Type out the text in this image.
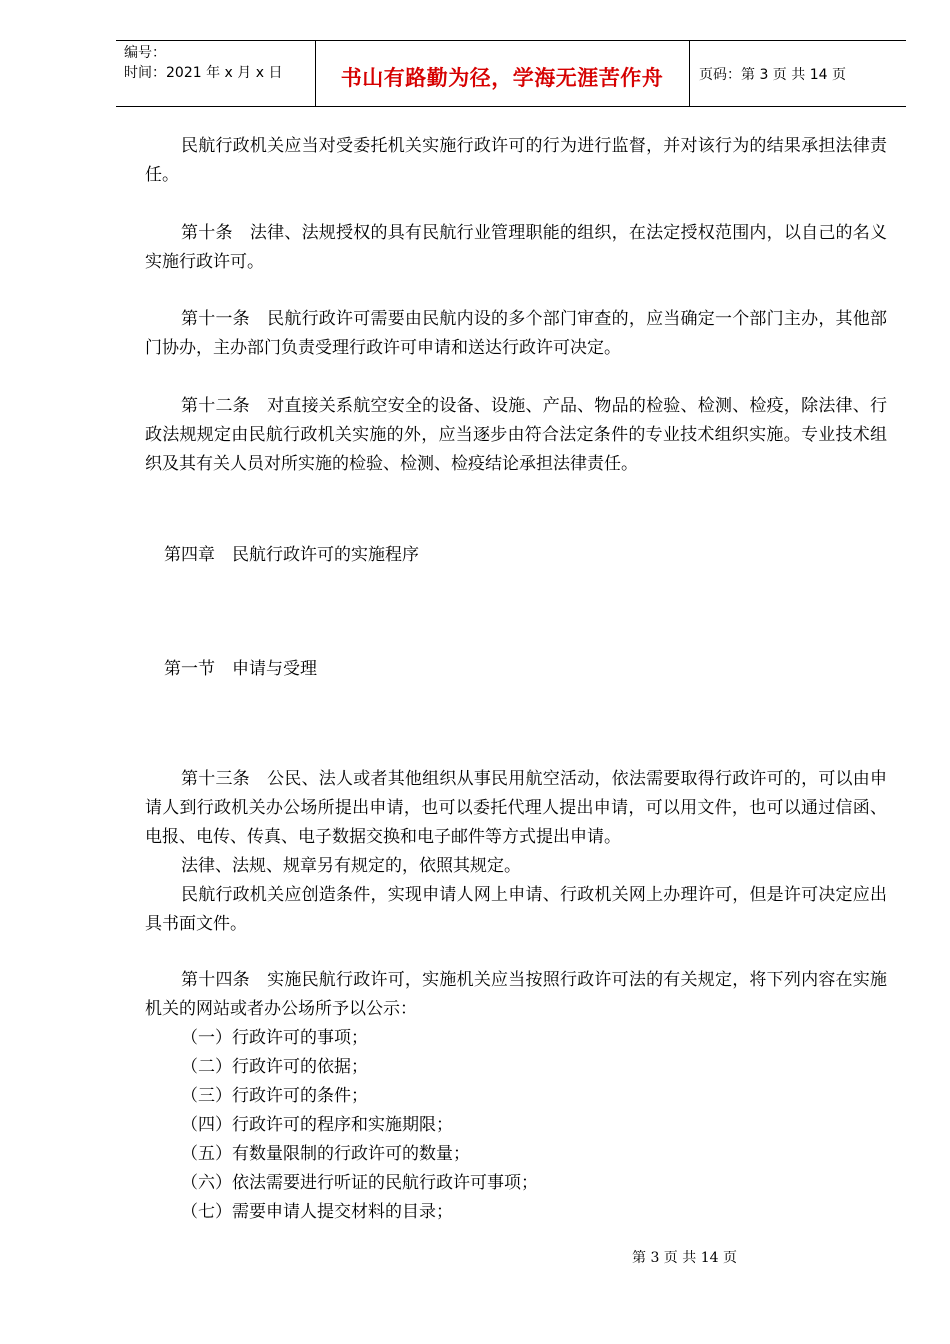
编号：
时间：2021 年 x 月 x 日	书山有路勤为径，学海无涯苦作舟	页码：第 3 页 共 14 页
民航行政机关应当对受委托机关实施行政许可的行为进行监督，并对该行为的结果承担法律责任。
第十条　法律、法规授权的具有民航行业管理职能的组织，在法定授权范围内，以自己的名义实施行政许可。
第十一条　民航行政许可需要由民航内设的多个部门审查的，应当确定一个部门主办，其他部门协办，主办部门负责受理行政许可申请和送达行政许可决定。
第十二条　对直接关系航空安全的设备、设施、产品、物品的检验、检测、检疫，除法律、行政法规规定由民航行政机关实施的外，应当逐步由符合法定条件的专业技术组织实施。专业技术组织及其有关人员对所实施的检验、检测、检疫结论承担法律责任。
第四章　民航行政许可的实施程序
第一节　申请与受理
第十三条　公民、法人或者其他组织从事民用航空活动，依法需要取得行政许可的，可以由申请人到行政机关办公场所提出申请，也可以委托代理人提出申请，可以用文件，也可以通过信函、电报、电传、传真、电子数据交换和电子邮件等方式提出申请。
法律、法规、规章另有规定的，依照其规定。
民航行政机关应创造条件，实现申请人网上申请、行政机关网上办理许可，但是许可决定应出具书面文件。
第十四条　实施民航行政许可，实施机关应当按照行政许可法的有关规定，将下列内容在实施机关的网站或者办公场所予以公示：
（一）行政许可的事项；
（二）行政许可的依据；
（三）行政许可的条件；
（四）行政许可的程序和实施期限；
（五）有数量限制的行政许可的数量；
（六）依法需要进行听证的民航行政许可事项；
（七）需要申请人提交材料的目录；
第 3 页 共 14 页
